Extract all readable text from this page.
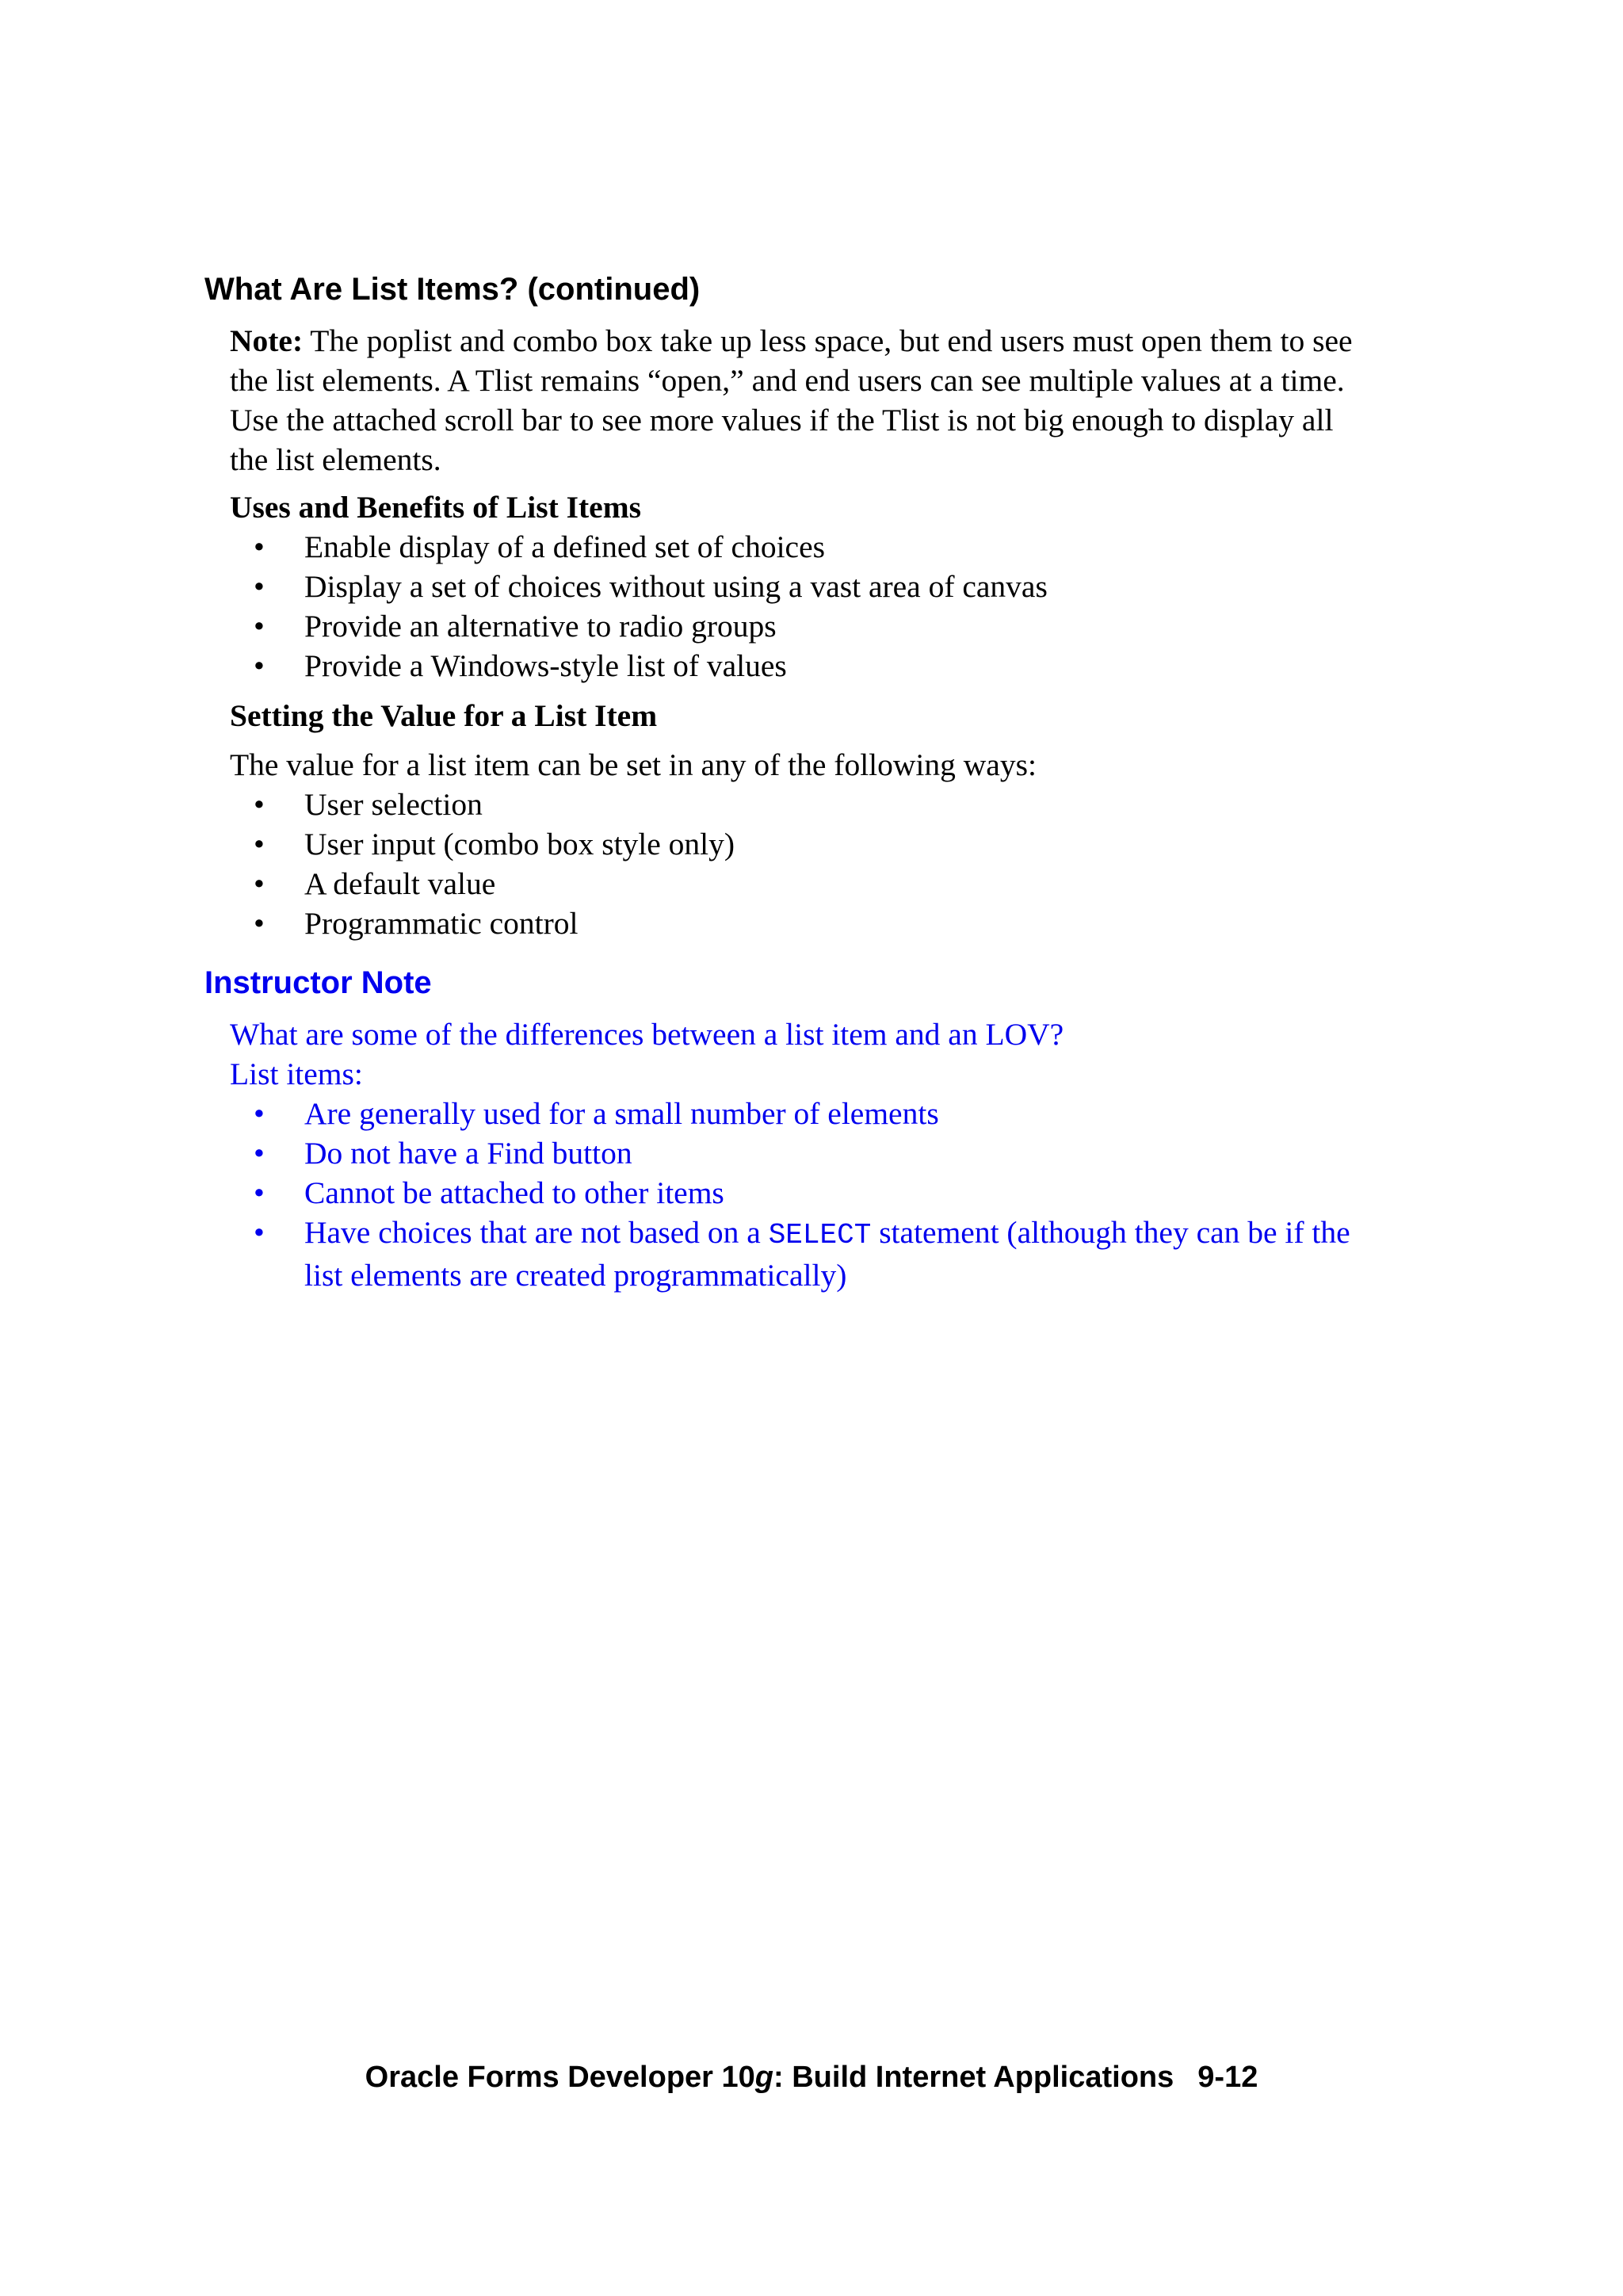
What Are List Items? (continued)
Note: The poplist and combo box take up less space, but end users must open them to see
the list elements. A Tlist remains “open,” and end users can see multiple values at a time.
Use the attached scroll bar to see more values if the Tlist is not big enough to display all
the list elements.
Uses and Benefits of List Items
• Enable display of a defined set of choices
• Display a set of choices without using a vast area of canvas
• Provide an alternative to radio groups
• Provide a Windows-style list of values
Setting the Value for a List Item

The value for a list item can be set in any of the following ways:

• User selection
• User input (combo box style only)
• A default value
• Programmatic control
Instructor Note

What are some of the differences between a list item and an LOV?

List items:

• Are generally used for a small number of elements
• Do not have a Find button
• Cannot be attached to other items
• Have choices that are not based on a SELECT statement (although they can be if the
list elements are created programmatically)
Oracle Forms Developer 10g: Build Internet Applications 9-12
